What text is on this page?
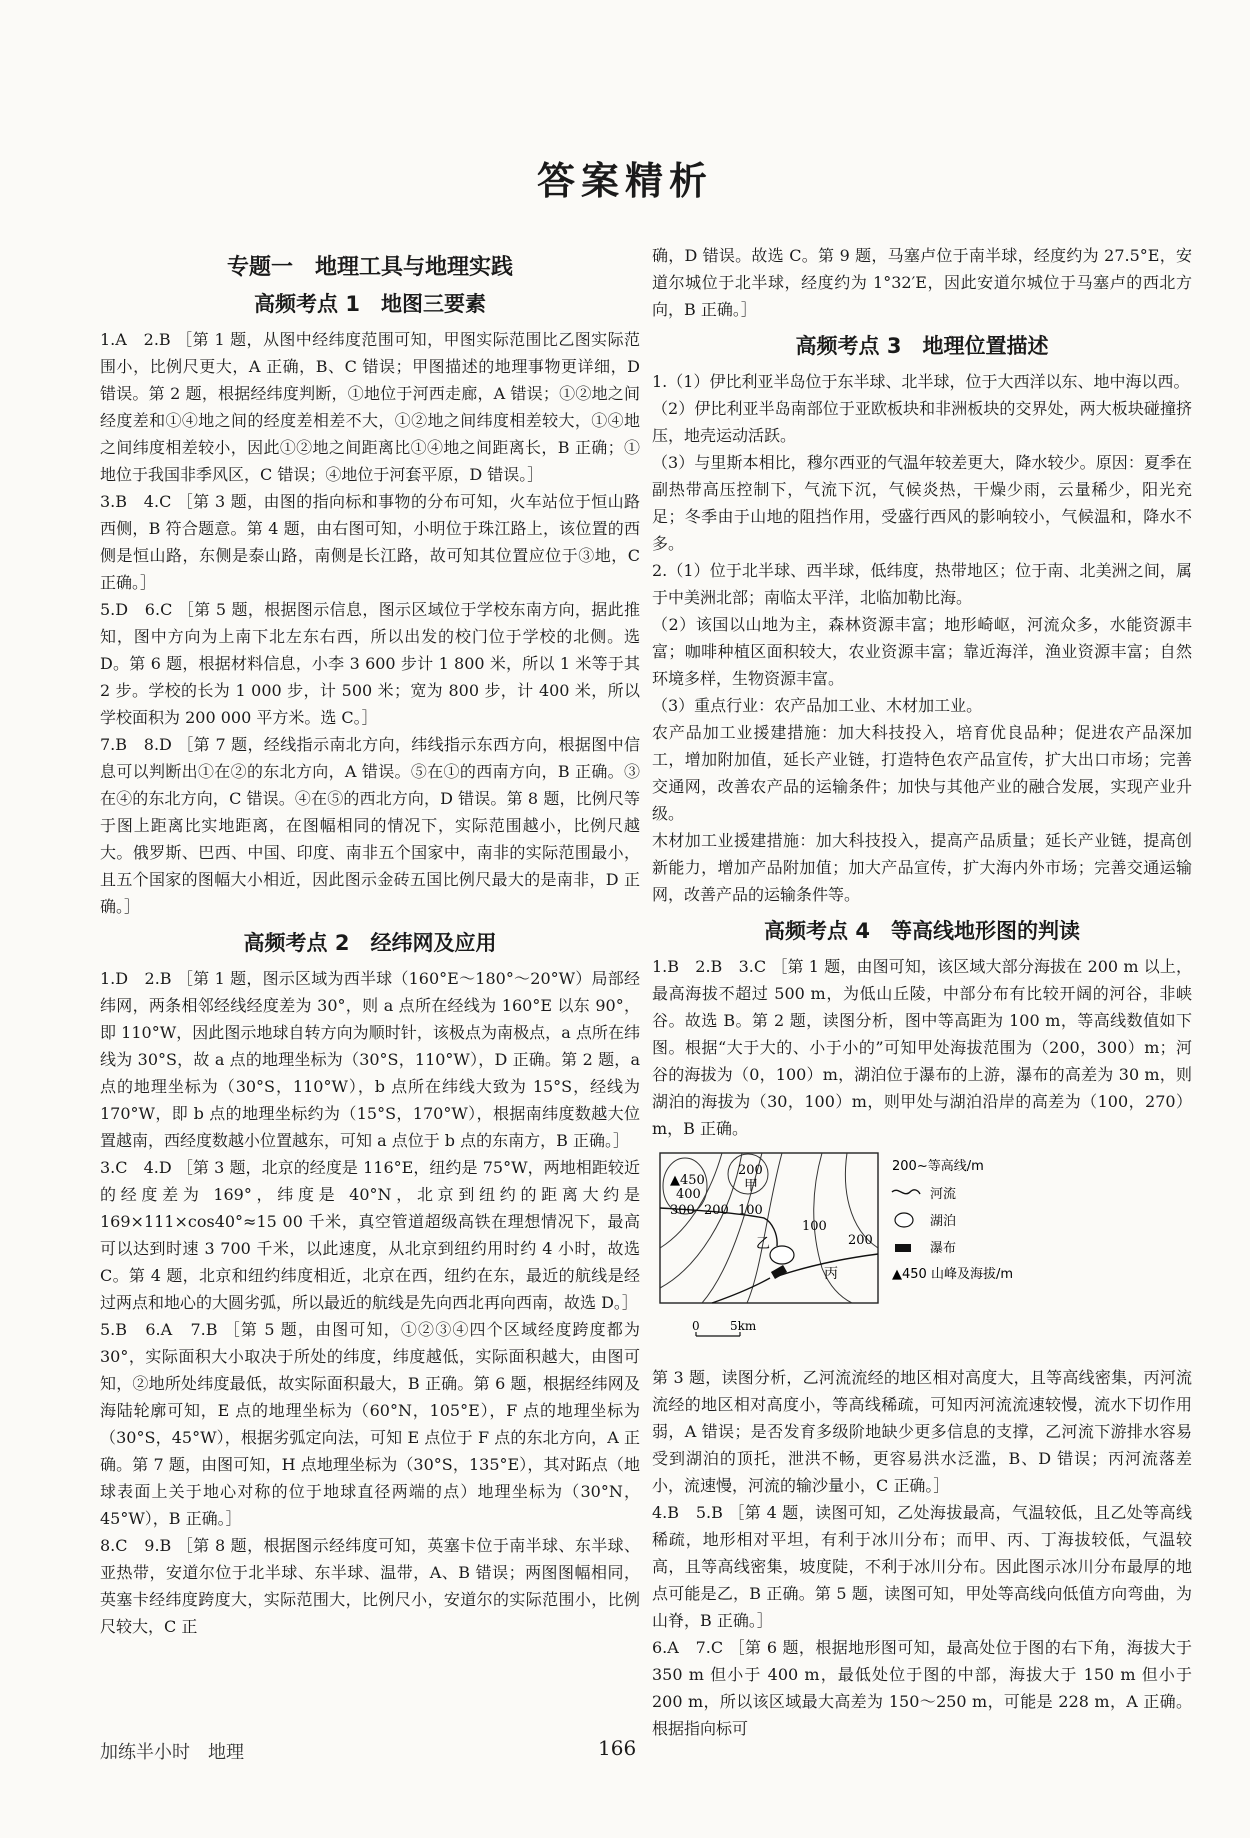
答案精析
专题一　地理工具与地理实践
高频考点 1　地图三要素

1.A　2.B ［第 1 题，从图中经纬度范围可知，甲图实际范围比乙图实际范围小，比例尺更大，A 正确，B、C 错误；甲图描述的地理事物更详细，D 错误。第 2 题，根据经纬度判断，①地位于河西走廊，A 错误；①②地之间经度差和①④地之间的经度差相差不大，①②地之间纬度相差较大，①④地之间纬度相差较小，因此①②地之间距离比①④地之间距离长，B 正确；①地位于我国非季风区，C 错误；④地位于河套平原，D 错误。］

3.B　4.C ［第 3 题，由图的指向标和事物的分布可知，火车站位于恒山路西侧，B 符合题意。第 4 题，由右图可知，小明位于珠江路上，该位置的西侧是恒山路，东侧是泰山路，南侧是长江路，故可知其位置应位于③地，C 正确。］

5.D　6.C ［第 5 题，根据图示信息，图示区域位于学校东南方向，据此推知，图中方向为上南下北左东右西，所以出发的校门位于学校的北侧。选 D。第 6 题，根据材料信息，小李 3 600 步计 1 800 米，所以 1 米等于其 2 步。学校的长为 1 000 步，计 500 米；宽为 800 步，计 400 米，所以学校面积为 200 000 平方米。选 C。］

7.B　8.D ［第 7 题，经线指示南北方向，纬线指示东西方向，根据图中信息可以判断出①在②的东北方向，A 错误。⑤在①的西南方向，B 正确。③在④的东北方向，C 错误。④在⑤的西北方向，D 错误。第 8 题，比例尺等于图上距离比实地距离，在图幅相同的情况下，实际范围越小，比例尺越大。俄罗斯、巴西、中国、印度、南非五个国家中，南非的实际范围最小，且五个国家的图幅大小相近，因此图示金砖五国比例尺最大的是南非，D 正确。］

高频考点 2　经纬网及应用

1.D　2.B ［第 1 题，图示区域为西半球（160°E～180°～20°W）局部经纬网，两条相邻经线经度差为 30°，则 a 点所在经线为 160°E 以东 90°，即 110°W，因此图示地球自转方向为顺时针，该极点为南极点，a 点所在纬线为 30°S，故 a 点的地理坐标为（30°S，110°W），D 正确。第 2 题，a 点的地理坐标为（30°S，110°W），b 点所在纬线大致为 15°S，经线为 170°W，即 b 点的地理坐标约为（15°S，170°W），根据南纬度数越大位置越南，西经度数越小位置越东，可知 a 点位于 b 点的东南方，B 正确。］

3.C　4.D ［第 3 题，北京的经度是 116°E，纽约是 75°W，两地相距较近的经度差为 169°，纬度是 40°N，北京到纽约的距离大约是 169×111×cos40°≈15 00 千米，真空管道超级高铁在理想情况下，最高可以达到时速 3 700 千米，以此速度，从北京到纽约用时约 4 小时，故选 C。第 4 题，北京和纽约纬度相近，北京在西，纽约在东，最近的航线是经过两点和地心的大圆劣弧，所以最近的航线是先向西北再向西南，故选 D。］

5.B　6.A　7.B ［第 5 题，由图可知，①②③④四个区域经度跨度都为 30°，实际面积大小取决于所处的纬度，纬度越低，实际面积越大，由图可知，②地所处纬度最低，故实际面积最大，B 正确。第 6 题，根据经纬网及海陆轮廓可知，E 点的地理坐标为（60°N，105°E），F 点的地理坐标为（30°S，45°W），根据劣弧定向法，可知 E 点位于 F 点的东北方向，A 正确。第 7 题，由图可知，H 点地理坐标为（30°S，135°E），其对跖点（地球表面上关于地心对称的位于地球直径两端的点）地理坐标为（30°N，45°W），B 正确。］

8.C　9.B ［第 8 题，根据图示经纬度可知，英塞卡位于南半球、东半球、亚热带，安道尔位于北半球、东半球、温带，A、B 错误；两图图幅相同，英塞卡经纬度跨度大，实际范围大，比例尺小，安道尔的实际范围小，比例尺较大，C 正

确，D 错误。故选 C。第 9 题，马塞卢位于南半球，经度约为 27.5°E，安道尔城位于北半球，经度约为 1°32′E，因此安道尔城位于马塞卢的西北方向，B 正确。］

高频考点 3　地理位置描述

1.（1）伊比利亚半岛位于东半球、北半球，位于大西洋以东、地中海以西。

（2）伊比利亚半岛南部位于亚欧板块和非洲板块的交界处，两大板块碰撞挤压，地壳运动活跃。

（3）与里斯本相比，穆尔西亚的气温年较差更大，降水较少。原因：夏季在副热带高压控制下，气流下沉，气候炎热，干燥少雨，云量稀少，阳光充足；冬季由于山地的阻挡作用，受盛行西风的影响较小，气候温和，降水不多。

2.（1）位于北半球、西半球，低纬度，热带地区；位于南、北美洲之间，属于中美洲北部；南临太平洋，北临加勒比海。

（2）该国以山地为主，森林资源丰富；地形崎岖，河流众多，水能资源丰富；咖啡种植区面积较大，农业资源丰富；靠近海洋，渔业资源丰富；自然环境多样，生物资源丰富。

（3）重点行业：农产品加工业、木材加工业。

农产品加工业援建措施：加大科技投入，培育优良品种；促进农产品深加工，增加附加值，延长产业链，打造特色农产品宣传，扩大出口市场；完善交通网，改善农产品的运输条件；加快与其他产业的融合发展，实现产业升级。

木材加工业援建措施：加大科技投入，提高产品质量；延长产业链，提高创新能力，增加产品附加值；加大产品宣传，扩大海内外市场；完善交通运输网，改善产品的运输条件等。

高频考点 4　等高线地形图的判读

1.B　2.B　3.C ［第 1 题，由图可知，该区域大部分海拔在 200 m 以上，最高海拔不超过 500 m，为低山丘陵，中部分布有比较开阔的河谷，非峡谷。故选 B。第 2 题，读图分析，图中等高距为 100 m，等高线数值如下图。根据“大于大的、小于小的”可知甲处海拔范围为（200，300）m；河谷的海拔为（0，100）m，湖泊位于瀑布的上游，瀑布的高差为 30 m，则湖泊的海拔为（30，100）m，则甲处与湖泊沿岸的高差为（100，270）m，B 正确。

▲450
400
300 200
200
甲
100
100
200
乙
丙
0	5km
200~等高线/m
河流
湖泊
瀑布
▲450 山峰及海拔/m

第 3 题，读图分析，乙河流流经的地区相对高度大，且等高线密集，丙河流流经的地区相对高度小，等高线稀疏，可知丙河流流速较慢，流水下切作用弱，A 错误；是否发育多级阶地缺少更多信息的支撑，乙河流下游排水容易受到湖泊的顶托，泄洪不畅，更容易洪水泛滥，B、D 错误；丙河流落差小，流速慢，河流的输沙量小，C 正确。］

4.B　5.B ［第 4 题，读图可知，乙处海拔最高，气温较低，且乙处等高线稀疏，地形相对平坦，有利于冰川分布；而甲、丙、丁海拔较低，气温较高，且等高线密集，坡度陡，不利于冰川分布。因此图示冰川分布最厚的地点可能是乙，B 正确。第 5 题，读图可知，甲处等高线向低值方向弯曲，为山脊，B 正确。］

6.A　7.C ［第 6 题，根据地形图可知，最高处位于图的右下角，海拔大于 350 m 但小于 400 m，最低处位于图的中部，海拔大于 150 m 但小于 200 m，所以该区域最大高差为 150～250 m，可能是 228 m，A 正确。根据指向标可

加练半小时　地理	166
